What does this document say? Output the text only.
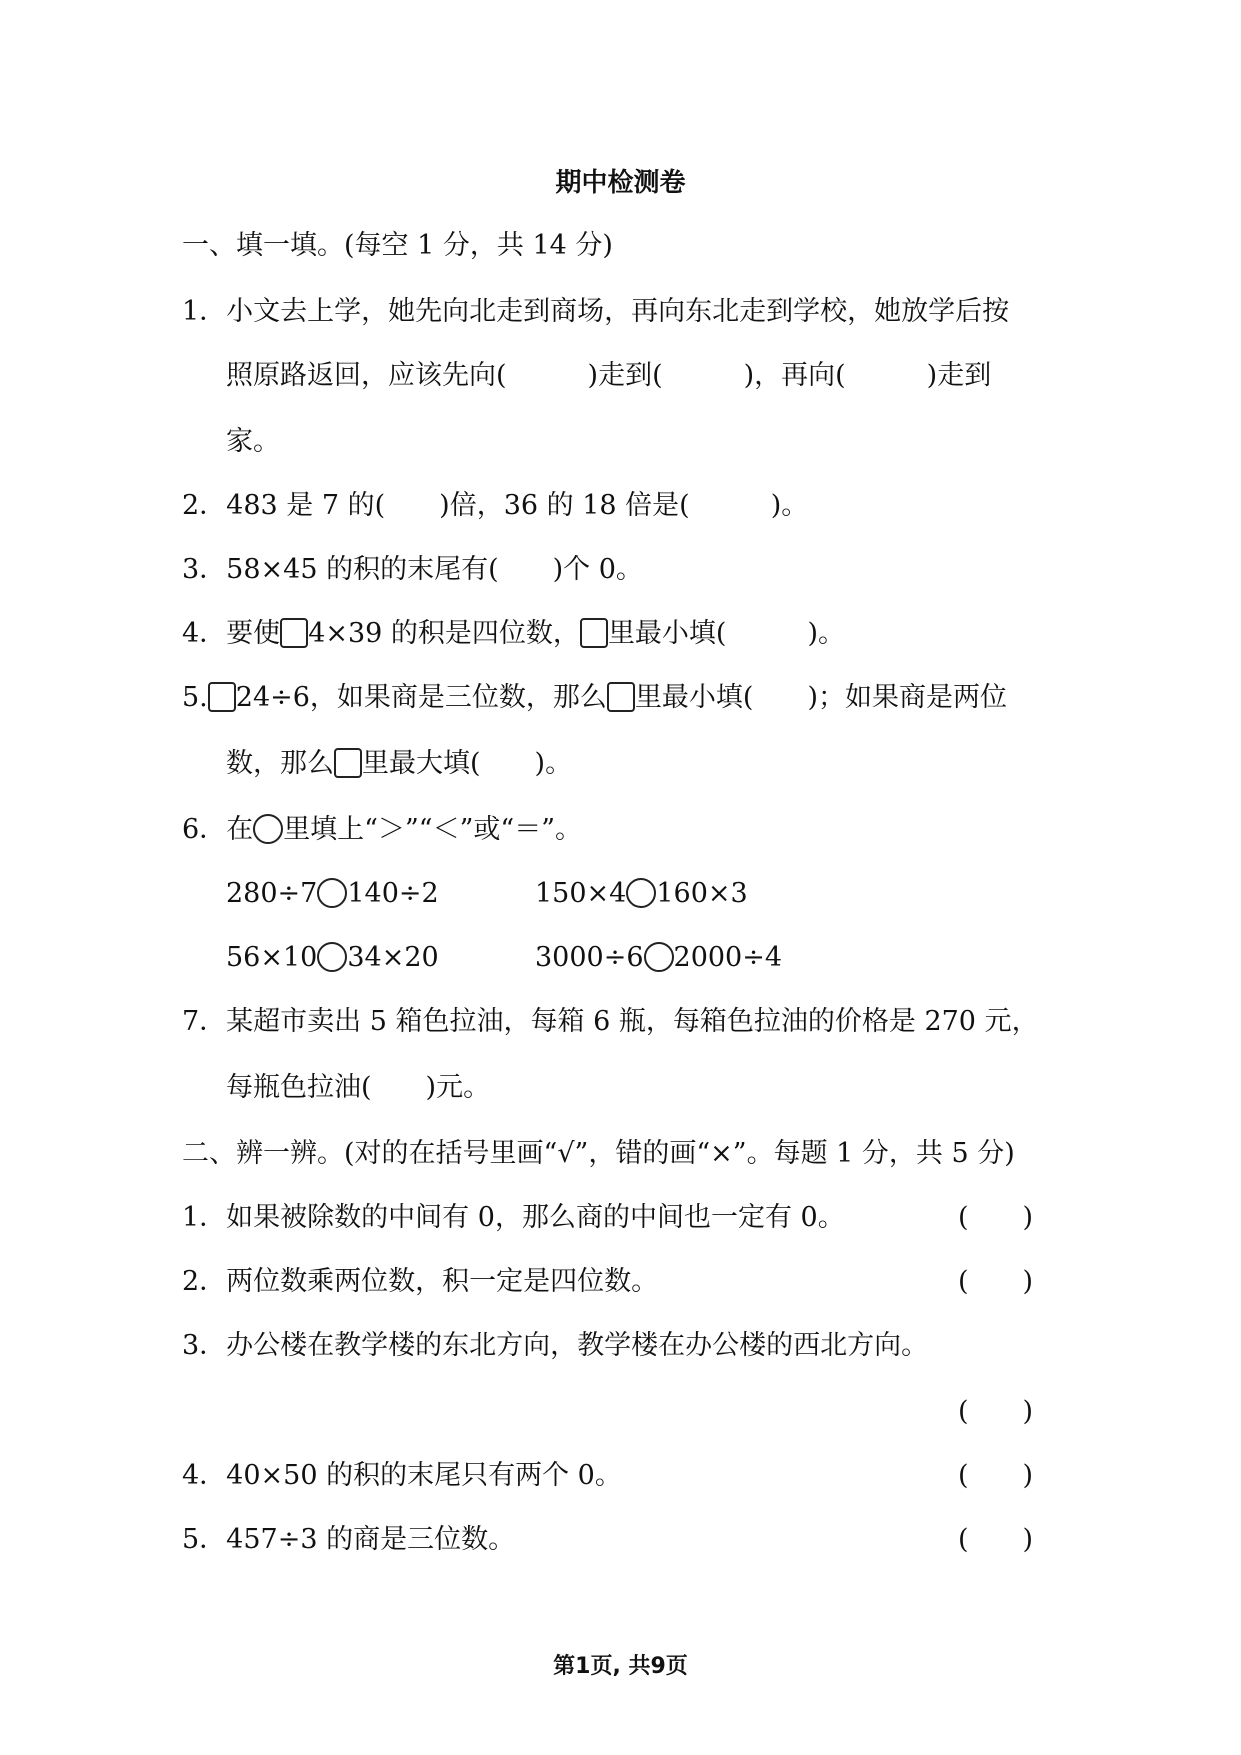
期中检测卷
一、填一填。(每空 1 分，共 14 分)
1．小文去上学，她先向北走到商场，再向东北走到学校，她放学后按
照原路返回，应该先向(　　　)走到(　　　)，再向(　　　)走到
家。
2．483 是 7 的(　　)倍，36 的 18 倍是(　　　)。
3．58×45 的积的末尾有(　　)个 0。
4．要使 4×39 的积是四位数， 里最小填(　　　)。
5. 24÷6，如果商是三位数，那么 里最小填(　　)；如果商是两位
数，那么 里最大填(　　)。
6．在 里填上“＞”“＜”或“＝”。
280÷7 140÷2	150×4 160×3
56×10 34×20	3000÷6 2000÷4
7．某超市卖出 5 箱色拉油，每箱 6 瓶，每箱色拉油的价格是 270 元，
每瓶色拉油(　　)元。
二、辨一辨。(对的在括号里画“√”，错的画“×”。每题 1 分，共 5 分)
1．如果被除数的中间有 0，那么商的中间也一定有 0。	(　　)
2．两位数乘两位数，积一定是四位数。	(　　)
3．办公楼在教学楼的东北方向，教学楼在办公楼的西北方向。
(　　)
4．40×50 的积的末尾只有两个 0。	(　　)
5．457÷3 的商是三位数。	(　　)
第1页, 共9页
